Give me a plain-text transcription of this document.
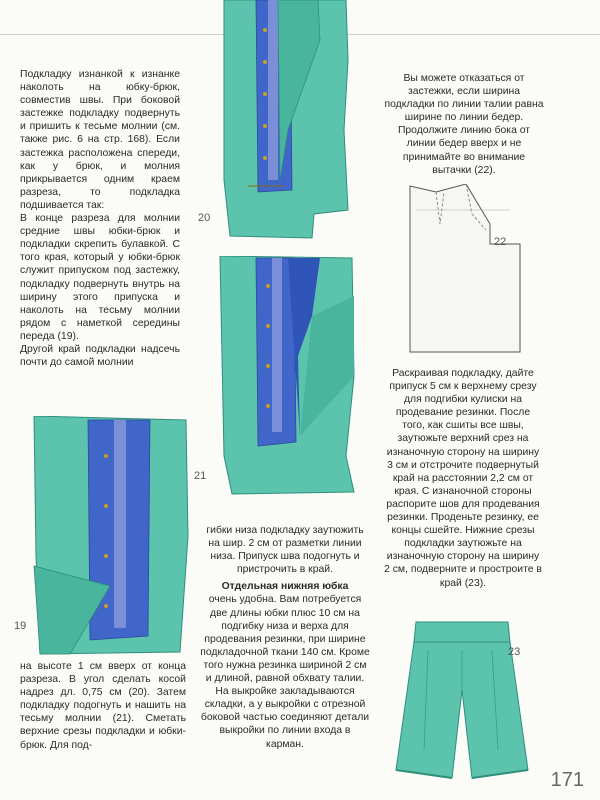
20
21
19
22
23

Подкладку изнанкой к изнанке наколоть на юбку-брюк, совместив швы. При боковой застежке подкладку подвернуть и пришить к тесьме молнии (см. также рис. 6 на стр. 168). Если застежка расположена спереди, как у брюк, и молния прикрывается одним краем разреза, то подкладка подшивается так:

В конце разреза для молнии средние швы юбки-брюк и подкладки скрепить булавкой. С того края, который у юбки-брюк служит припуском под застежку, подкладку подвернуть внутрь на ширину этого припуска и наколоть на тесьму молнии рядом с наметкой середины переда (19).

Другой край подкладки надсечь почти до самой молнии

на высоте 1 см вверх от конца разреза. В угол сделать косой надрез дл. 0,75 см (20). Затем подкладку подогнуть и нашить на тесьму молнии (21). Сметать верхние срезы подкладки и юбки-брюк. Для под-

гибки низа подкладку заутюжить на шир. 2 см от разметки линии низа. Припуск шва подогнуть и пристрочить в край.

Отдельная нижняя юбка

очень удобна. Вам потребуется две длины юбки плюс 10 см на подгибку низа и верха для продевания резинки, при ширине подкладочной ткани 140 см. Кроме того нужна резинка шириной 2 см и длиной, равной обхвату талии.

На выкройке закладываются складки, а у выкройки с отрезной боковой частью соединяют детали выкройки по линии входа в карман.

Вы можете отказаться от застежки, если ширина подкладки по линии талии равна ширине по линии бедер. Продолжите линию бока от линии бедер вверх и не принимайте во внимание вытачки (22).

Раскраивая подкладку, дайте припуск 5 см к верхнему срезу для подгибки кулиски на продевание резинки. После того, как сшиты все швы, заутюжьте верхний срез на изнаночную сторону на ширину 3 см и отстрочите подвернутый край на расстоянии 2,2 см от края. С изнаночной стороны распорите шов для продевания резинки. Проденьте резинку, ее концы сшейте. Нижние срезы подкладки заутюжьте на изнаночную сторону на ширину 2 см, подверните и простроите в край (23).

171
